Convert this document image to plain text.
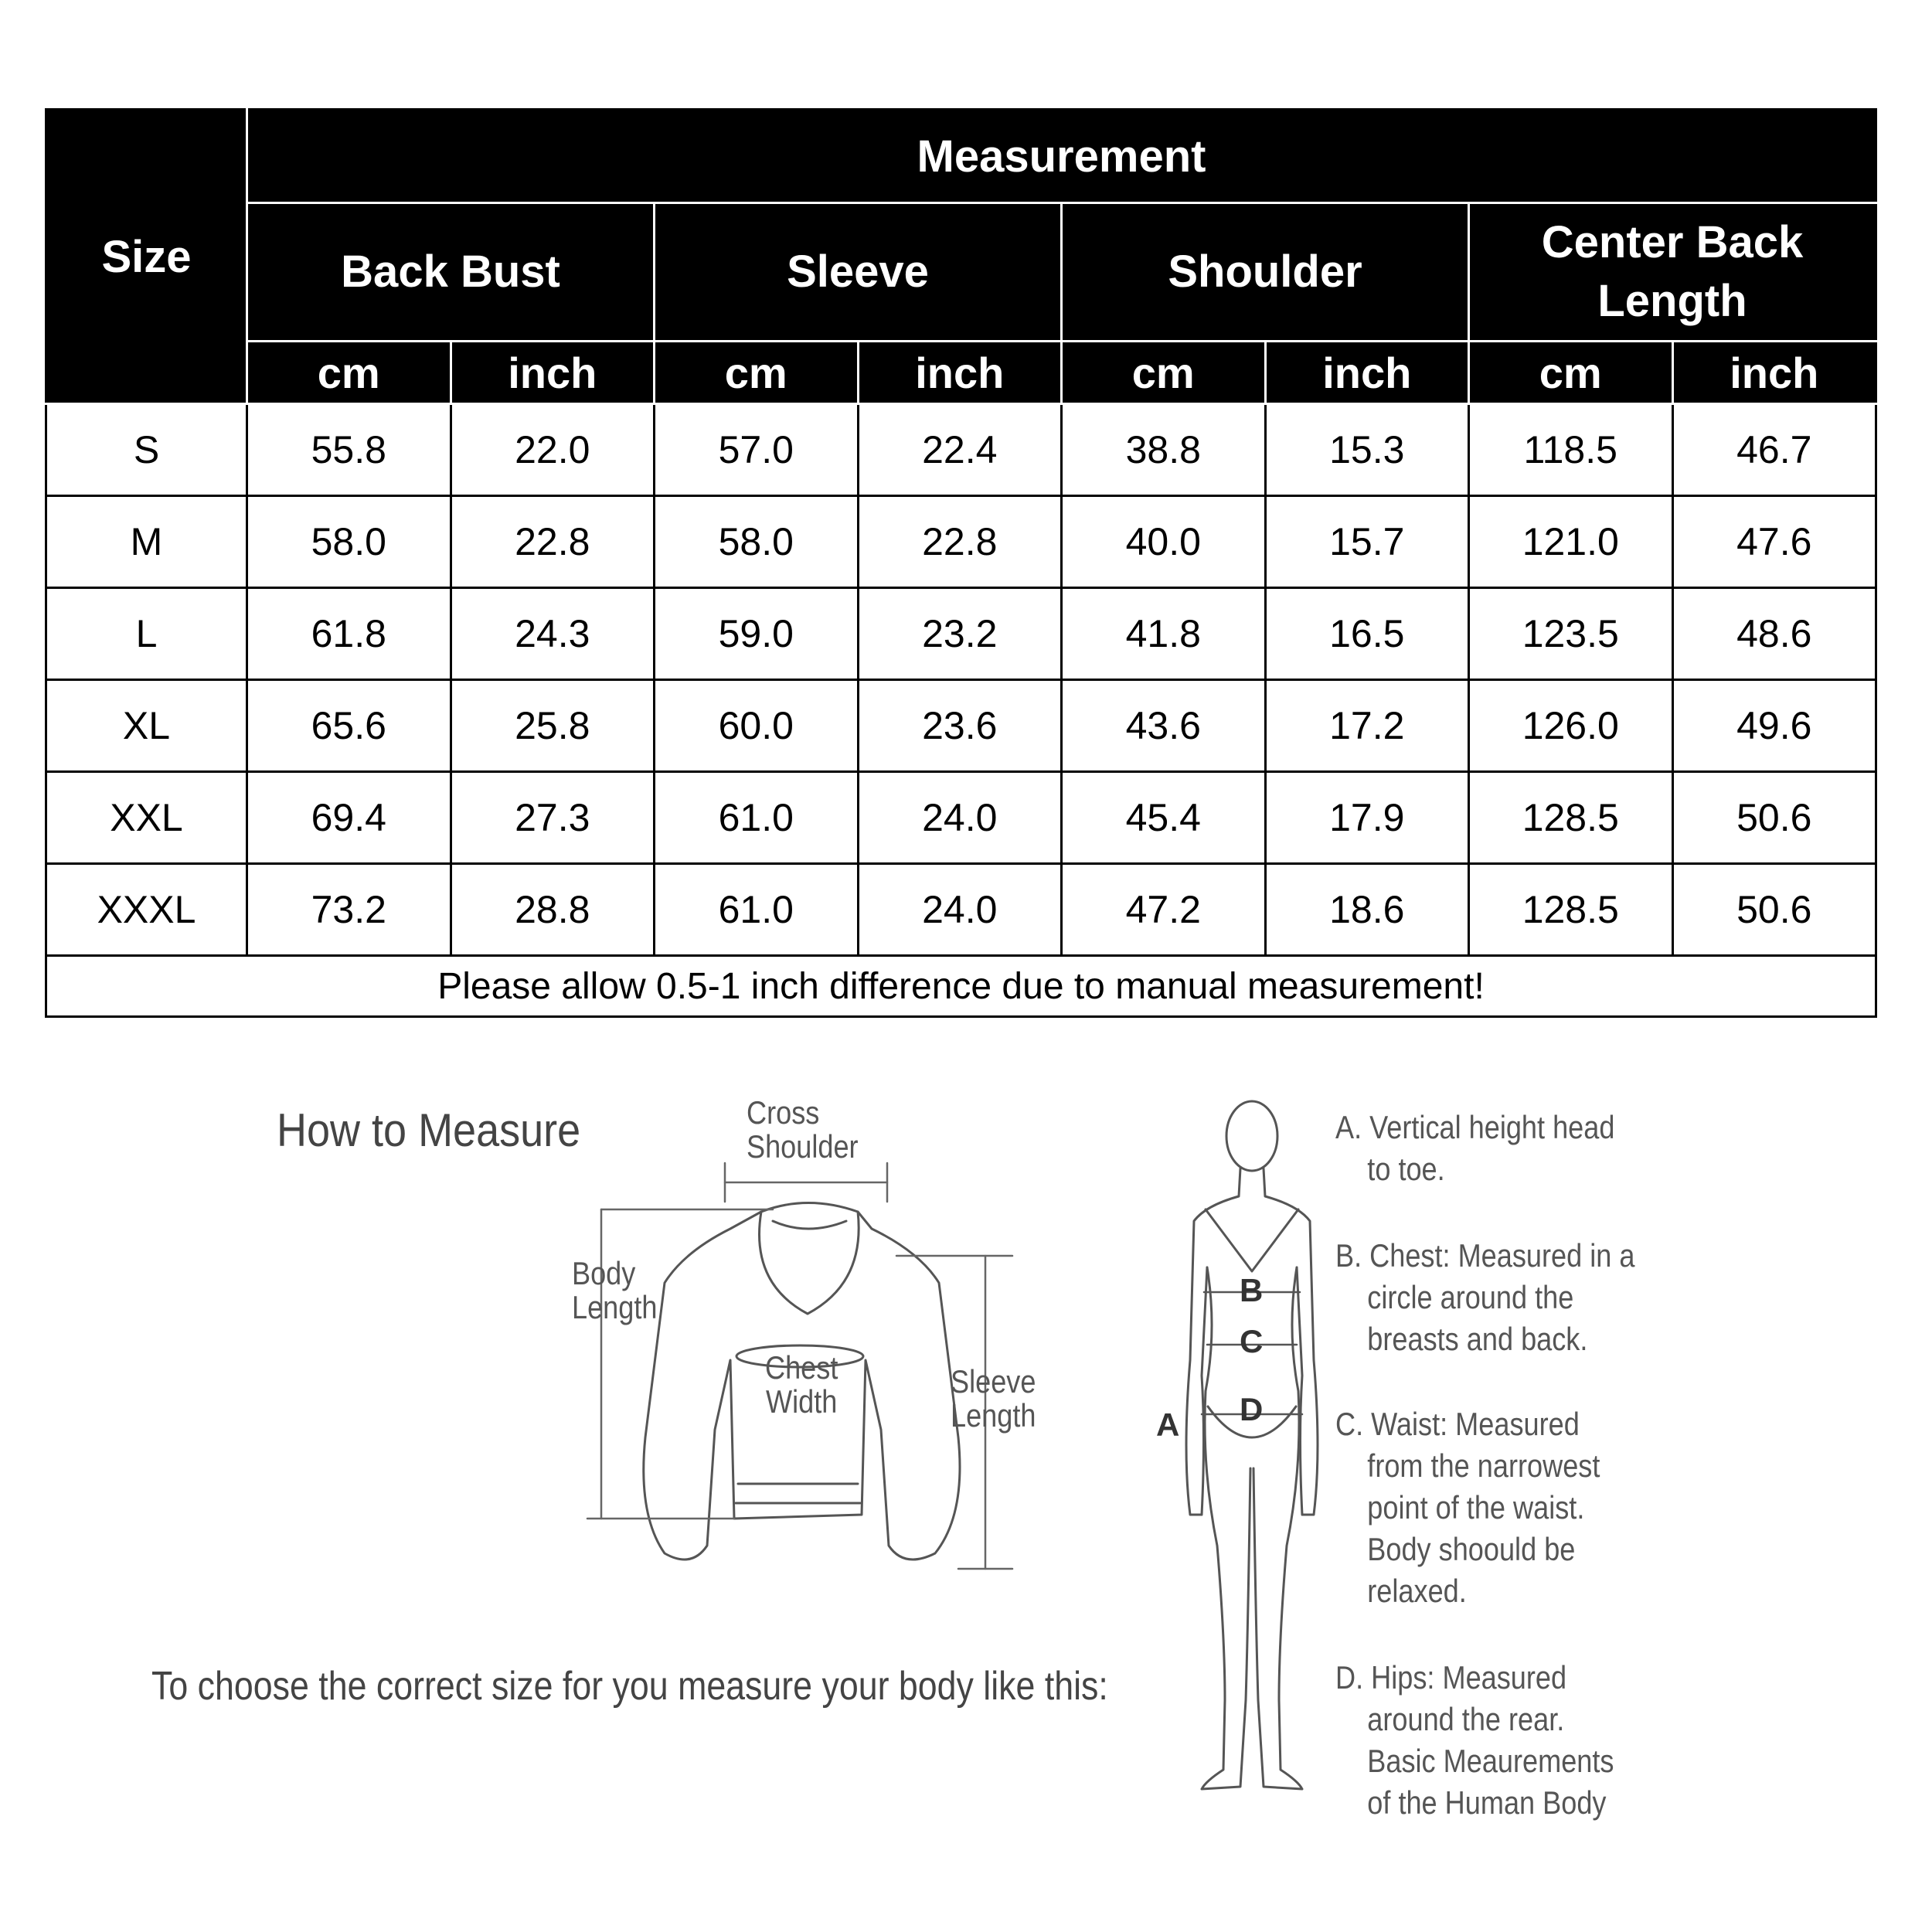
Size	Measurement							
	Back Bust		Sleeve		Shoulder		Center Back Length	
	cm	inch	cm	inch	cm	inch	cm	inch
S	55.8	22.0	57.0	22.4	38.8	15.3	118.5	46.7
M	58.0	22.8	58.0	22.8	40.0	15.7	121.0	47.6
L	61.8	24.3	59.0	23.2	41.8	16.5	123.5	48.6
XL	65.6	25.8	60.0	23.6	43.6	17.2	126.0	49.6
XXL	69.4	27.3	61.0	24.0	45.4	17.9	128.5	50.6
XXXL	73.2	28.8	61.0	24.0	47.2	18.6	128.5	50.6
Please allow 0.5-1 inch difference due to manual measurement!								
How to Measure
To choose the correct size for you measure your body like this:
Cross
Shoulder
Body
Length
Chest
Width
Sleeve
Length	A
B
C
D
A. Vertical height head
to toe.
B. Chest: Measured in a
circle around the
breasts and back.
C. Waist: Measured
from the narrowest
point of the waist.
Body shoould be
relaxed.
D. Hips: Measured
around the rear.
Basic Meaurements
of the Human Body
